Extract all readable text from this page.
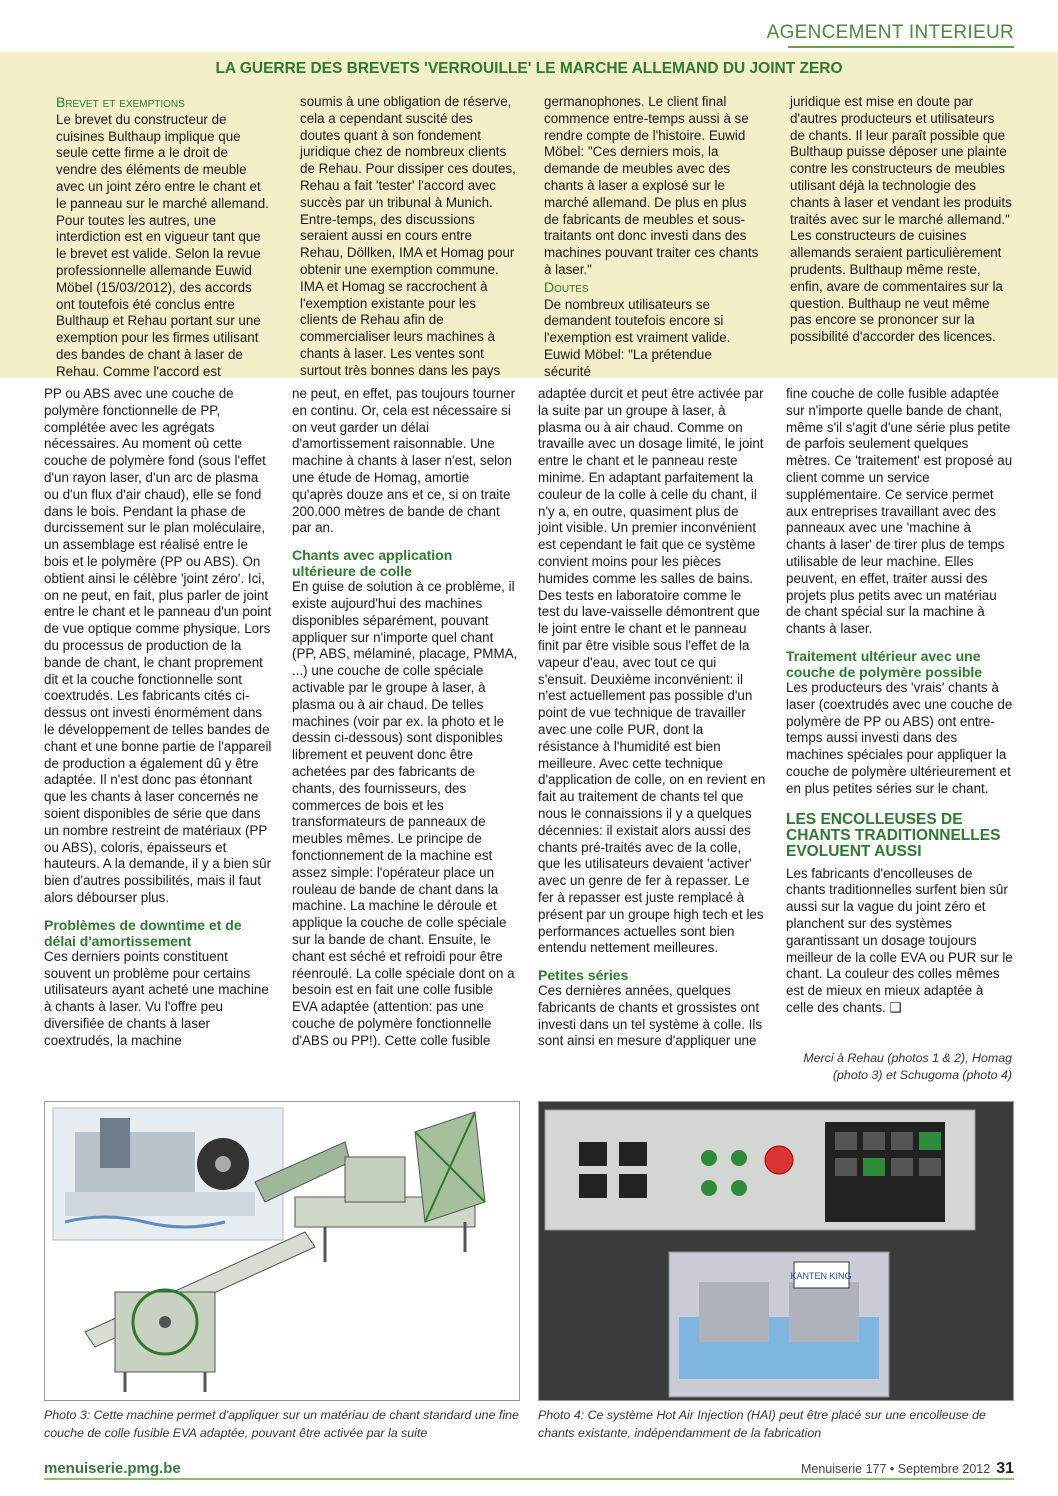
AGENCEMENT INTERIEUR
LA GUERRE DES BREVETS 'VERROUILLE' LE MARCHE ALLEMAND DU JOINT ZERO
Brevet et exemptions

Le brevet du constructeur de cuisines Bulthaup implique que seule cette firme a le droit de vendre des éléments de meuble avec un joint zéro entre le chant et le panneau sur le marché allemand. Pour toutes les autres, une interdiction est en vigueur tant que le brevet est valide. Selon la revue professionnelle allemande Euwid Möbel (15/03/2012), des accords ont toutefois été conclus entre Bulthaup et Rehau portant sur une exemption pour les firmes utilisant des bandes de chant à laser de Rehau. Comme l'accord est

soumis à une obligation de réserve, cela a cependant suscité des doutes quant à son fondement juridique chez de nombreux clients de Rehau. Pour dissiper ces doutes, Rehau a fait 'tester' l'accord avec succès par un tribunal à Munich. Entre-temps, des discussions seraient aussi en cours entre Rehau, Döllken, IMA et Homag pour obtenir une exemption commune. IMA et Homag se raccrochent à l'exemption existante pour les clients de Rehau afin de commercialiser leurs machines à chants à laser. Les ventes sont surtout très bonnes dans les pays

germanophones. Le client final commence entre-temps aussi à se rendre compte de l'histoire. Euwid Möbel: "Ces derniers mois, la demande de meubles avec des chants à laser a explosé sur le marché allemand. De plus en plus de fabricants de meubles et sous-traitants ont donc investi dans des machines pouvant traiter ces chants à laser."

Doutes

De nombreux utilisateurs se demandent toutefois encore si l'exemption est vraiment valide. Euwid Möbel: "La prétendue sécurité

juridique est mise en doute par d'autres producteurs et utilisateurs de chants. Il leur paraît possible que Bulthaup puisse déposer une plainte contre les constructeurs de meubles utilisant déjà la technologie des chants à laser et vendant les produits traités avec sur le marché allemand." Les constructeurs de cuisines allemands seraient particulièrement prudents. Bulthaup même reste, enfin, avare de commentaires sur la question. Bulthaup ne veut même pas encore se prononcer sur la possibilité d'accorder des licences.

PP ou ABS avec une couche de polymère fonctionnelle de PP, complétée avec les agrégats nécessaires. Au moment où cette couche de polymère fond (sous l'effet d'un rayon laser, d'un arc de plasma ou d'un flux d'air chaud), elle se fond dans le bois. Pendant la phase de durcissement sur le plan moléculaire, un assemblage est réalisé entre le bois et le polymère (PP ou ABS). On obtient ainsi le célèbre 'joint zéro'. Ici, on ne peut, en fait, plus parler de joint entre le chant et le panneau d'un point de vue optique comme physique. Lors du processus de production de la bande de chant, le chant proprement dit et la couche fonctionnelle sont coextrudés. Les fabricants cités ci-dessus ont investi énormément dans le développement de telles bandes de chant et une bonne partie de l'appareil de production a également dû y être adaptée. Il n'est donc pas étonnant que les chants à laser concernés ne soient disponibles de série que dans un nombre restreint de matériaux (PP ou ABS), coloris, épaisseurs et hauteurs. A la demande, il y a bien sûr bien d'autres possibilités, mais il faut alors débourser plus.

Problèmes de downtime et de délai d'amortissement

Ces derniers points constituent souvent un problème pour certains utilisateurs ayant acheté une machine à chants à laser. Vu l'offre peu diversifiée de chants à laser coextrudés, la machine

ne peut, en effet, pas toujours tourner en continu. Or, cela est nécessaire si on veut garder un délai d'amortissement raisonnable. Une machine à chants à laser n'est, selon une étude de Homag, amortie qu'après douze ans et ce, si on traite 200.000 mètres de bande de chant par an.

Chants avec application ultérieure de colle

En guise de solution à ce problème, il existe aujourd'hui des machines disponibles séparément, pouvant appliquer sur n'importe quel chant (PP, ABS, mélaminé, placage, PMMA, ...) une couche de colle spéciale activable par le groupe à laser, à plasma ou à air chaud. De telles machines (voir par ex. la photo et le dessin ci-dessous) sont disponibles librement et peuvent donc être achetées par des fabricants de chants, des fournisseurs, des commerces de bois et les transformateurs de panneaux de meubles mêmes. Le principe de fonctionnement de la machine est assez simple: l'opérateur place un rouleau de bande de chant dans la machine. La machine le déroule et applique la couche de colle spéciale sur la bande de chant. Ensuite, le chant est séché et refroidi pour être réenroulé. La colle spéciale dont on a besoin est en fait une colle fusible EVA adaptée (attention: pas une couche de polymère fonctionnelle d'ABS ou PP!). Cette colle fusible

adaptée durcit et peut être activée par la suite par un groupe à laser, à plasma ou à air chaud. Comme on travaille avec un dosage limité, le joint entre le chant et le panneau reste minime. En adaptant parfaitement la couleur de la colle à celle du chant, il n'y a, en outre, quasiment plus de joint visible. Un premier inconvénient est cependant le fait que ce système convient moins pour les pièces humides comme les salles de bains. Des tests en laboratoire comme le test du lave-vaisselle démontrent que le joint entre le chant et le panneau finit par être visible sous l'effet de la vapeur d'eau, avec tout ce qui s'ensuit. Deuxième inconvénient: il n'est actuellement pas possible d'un point de vue technique de travailler avec une colle PUR, dont la résistance à l'humidité est bien meilleure. Avec cette technique d'application de colle, on en revient en fait au traitement de chants tel que nous le connaissions il y a quelques décennies: il existait alors aussi des chants pré-traités avec de la colle, que les utilisateurs devaient 'activer' avec un genre de fer à repasser. Le fer à repasser est juste remplacé à présent par un groupe high tech et les performances actuelles sont bien entendu nettement meilleures.

Petites séries

Ces dernières années, quelques fabricants de chants et grossistes ont investi dans un tel système à colle. Ils sont ainsi en mesure d'appliquer une

fine couche de colle fusible adaptée sur n'importe quelle bande de chant, même s'il s'agit d'une série plus petite de parfois seulement quelques mètres. Ce 'traitement' est proposé au client comme un service supplémentaire. Ce service permet aux entreprises travaillant avec des panneaux avec une 'machine à chants à laser' de tirer plus de temps utilisable de leur machine. Elles peuvent, en effet, traiter aussi des projets plus petits avec un matériau de chant spécial sur la machine à chants à laser.

Traitement ultérieur avec une couche de polymère possible

Les producteurs des 'vrais' chants à laser (coextrudés avec une couche de polymère de PP ou ABS) ont entre-temps aussi investi dans des machines spéciales pour appliquer la couche de polymère ultérieurement et en plus petites séries sur le chant.

LES ENCOLLEUSES DE CHANTS TRADITIONNELLES EVOLUENT AUSSI

Les fabricants d'encolleuses de chants traditionnelles surfent bien sûr aussi sur la vague du joint zéro et planchent sur des systèmes garantissant un dosage toujours meilleur de la colle EVA ou PUR sur le chant. La couleur des colles mêmes est de mieux en mieux adaptée à celle des chants. ❑

Merci à Rehau (photos 1 & 2), Homag (photo 3) et Schugoma (photo 4)
Photo 3: Cette machine permet d'appliquer sur un matériau de chant standard une fine couche de colle fusible EVA adaptée, pouvant être activée par la suite
KANTEN KING
Photo 4: Ce système Hot Air Injection (HAI) peut être placé sur une encolleuse de chants existante, indépendamment de la fabrication
menuiserie.pmg.be	Menuiserie 177 • Septembre 2012 31
